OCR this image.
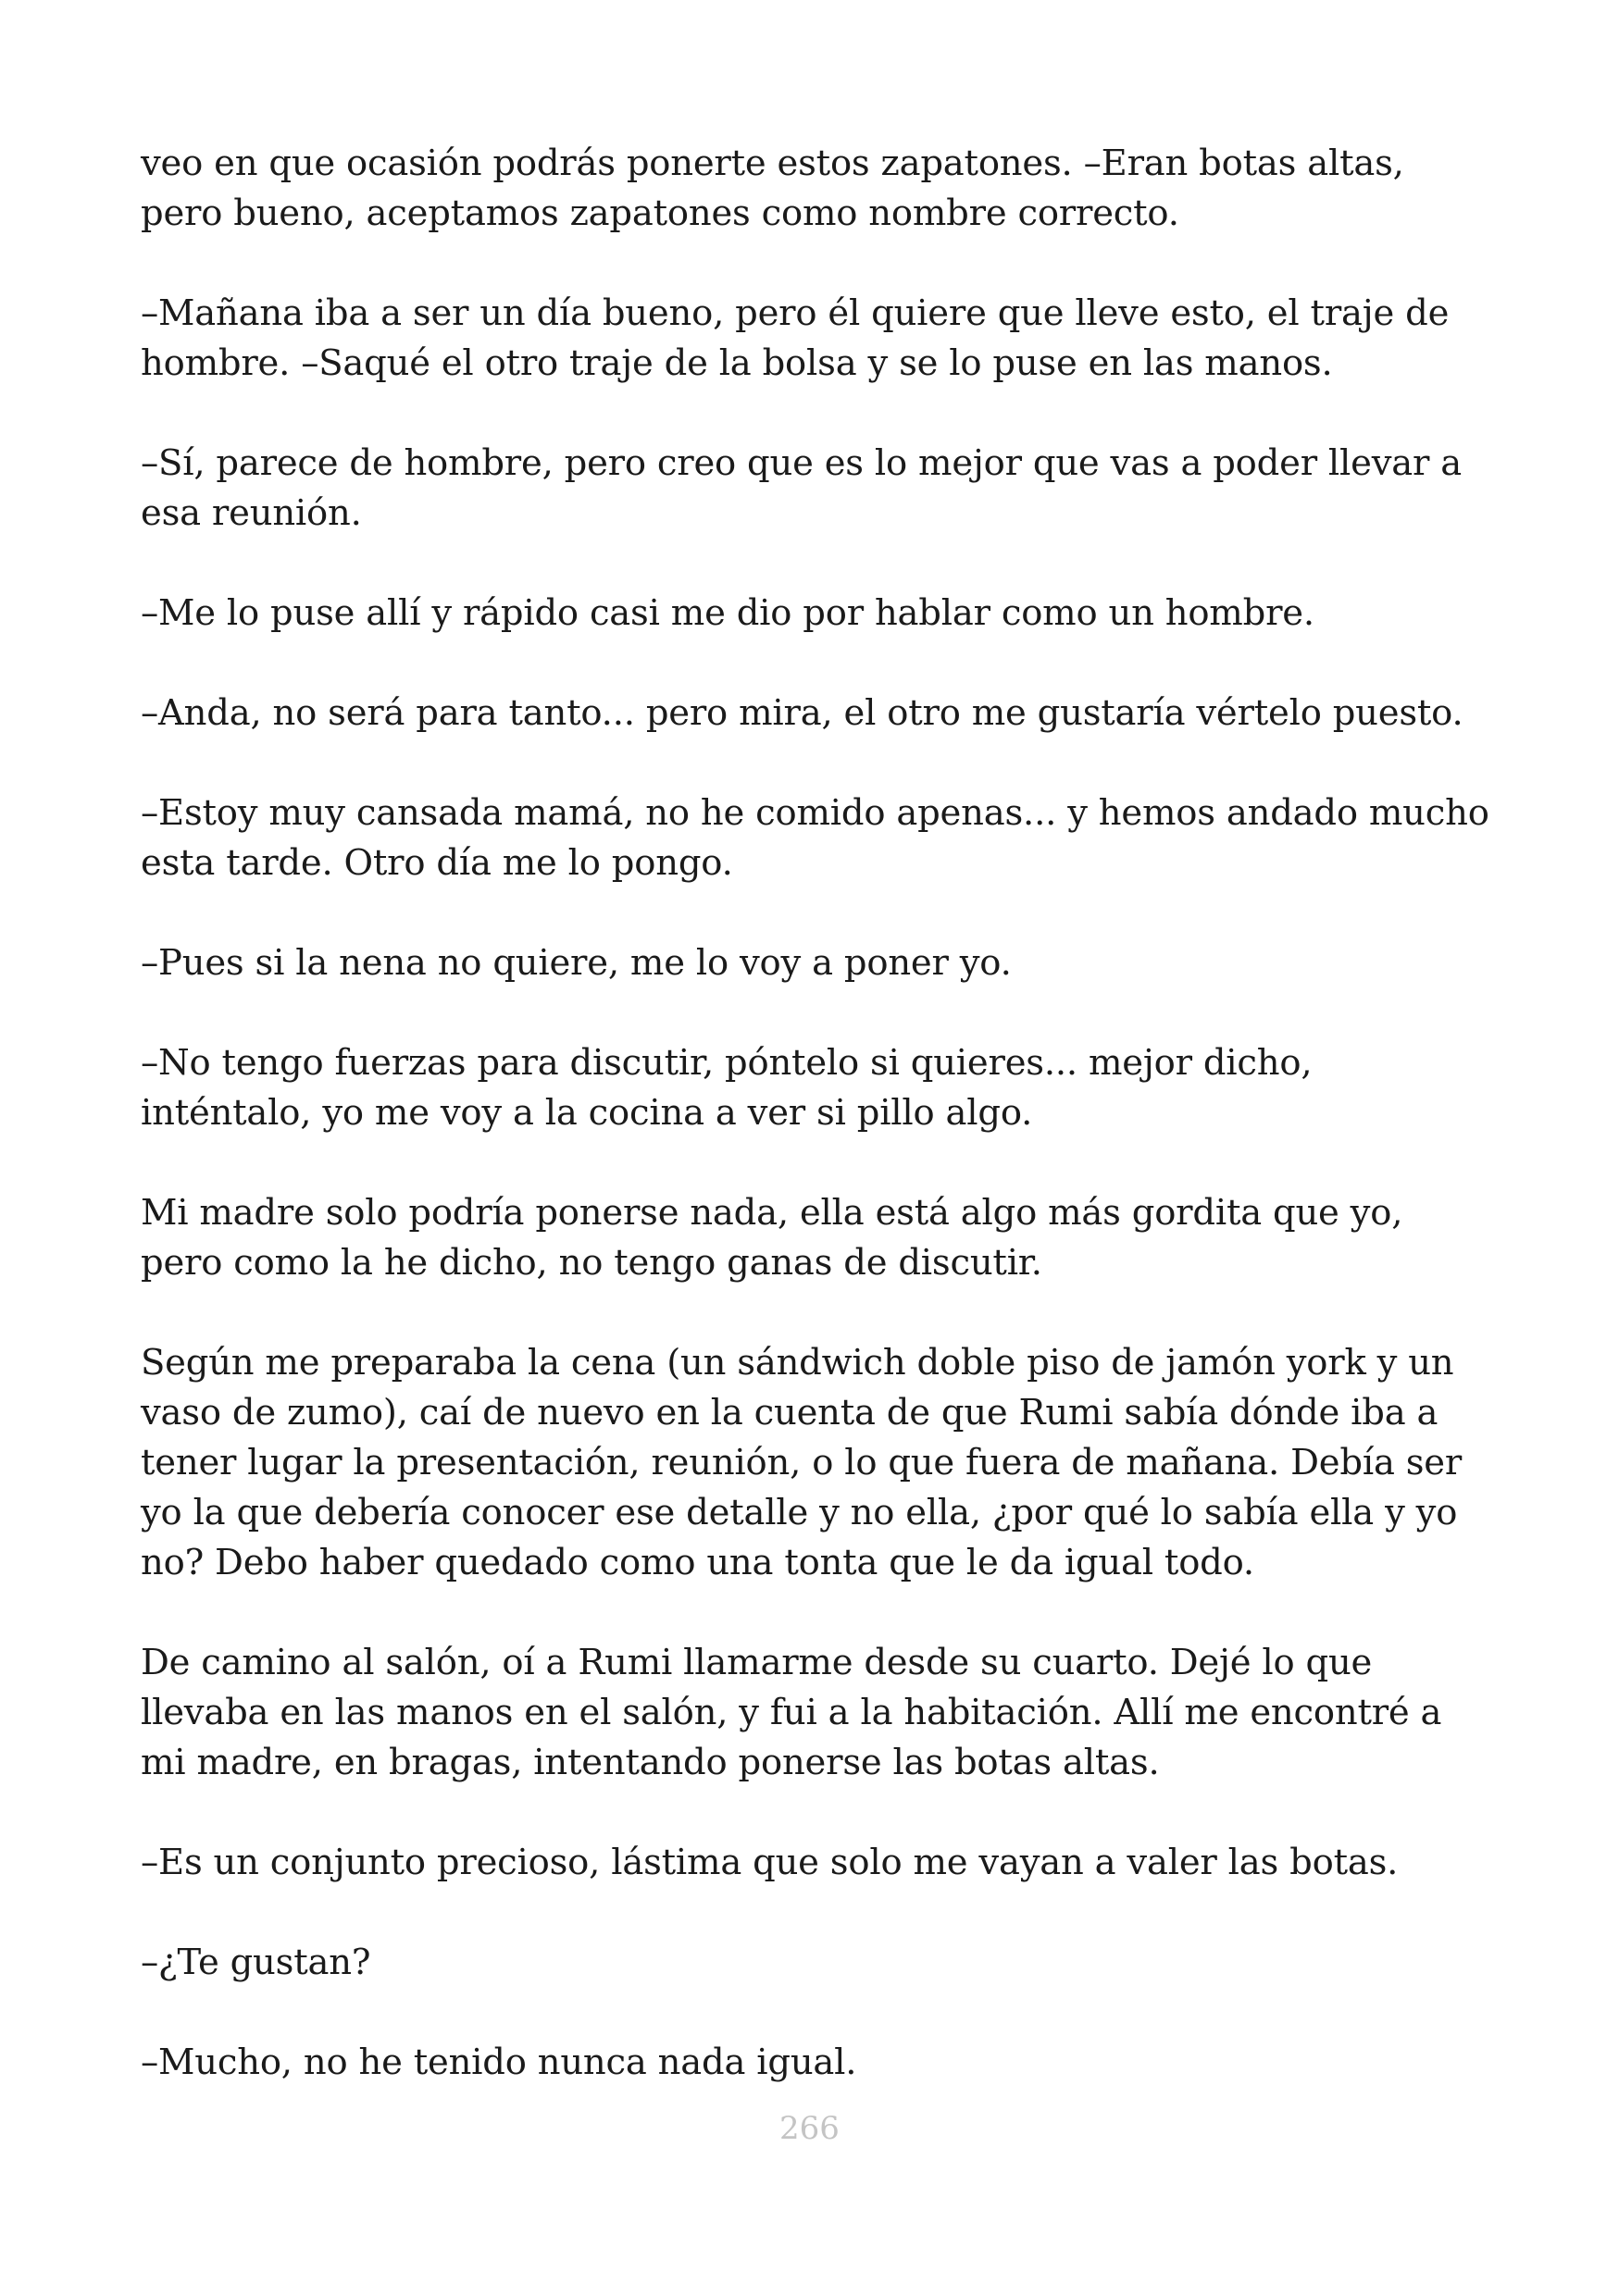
veo en que ocasión podrás ponerte estos zapatones. –Eran botas altas, pero bueno, aceptamos zapatones como nombre correcto.

–Mañana iba a ser un día bueno, pero él quiere que lleve esto, el traje de hombre. –Saqué el otro traje de la bolsa y se lo puse en las manos.

–Sí, parece de hombre, pero creo que es lo mejor que vas a poder llevar a esa reunión.

–Me lo puse allí y rápido casi me dio por hablar como un hombre.

–Anda, no será para tanto... pero mira, el otro me gustaría vértelo puesto.

–Estoy muy cansada mamá, no he comido apenas... y hemos andado mucho esta tarde. Otro día me lo pongo.

–Pues si la nena no quiere, me lo voy a poner yo.

–No tengo fuerzas para discutir, póntelo si quieres... mejor dicho, inténtalo, yo me voy a la cocina a ver si pillo algo.

Mi madre solo podría ponerse nada, ella está algo más gordita que yo, pero como la he dicho, no tengo ganas de discutir.

Según me preparaba la cena (un sándwich doble piso de jamón york y un vaso de zumo), caí de nuevo en la cuenta de que Rumi sabía dónde iba a tener lugar la presentación, reunión, o lo que fuera de mañana. Debía ser yo la que debería conocer ese detalle y no ella, ¿por qué lo sabía ella y yo no? Debo haber quedado como una tonta que le da igual todo.

De camino al salón, oí a Rumi llamarme desde su cuarto. Dejé lo que llevaba en las manos en el salón, y fui a la habitación. Allí me encontré a mi madre, en bragas, intentando ponerse las botas altas.

–Es un conjunto precioso, lástima que solo me vayan a valer las botas.

–¿Te gustan?

–Mucho, no he tenido nunca nada igual.

266
